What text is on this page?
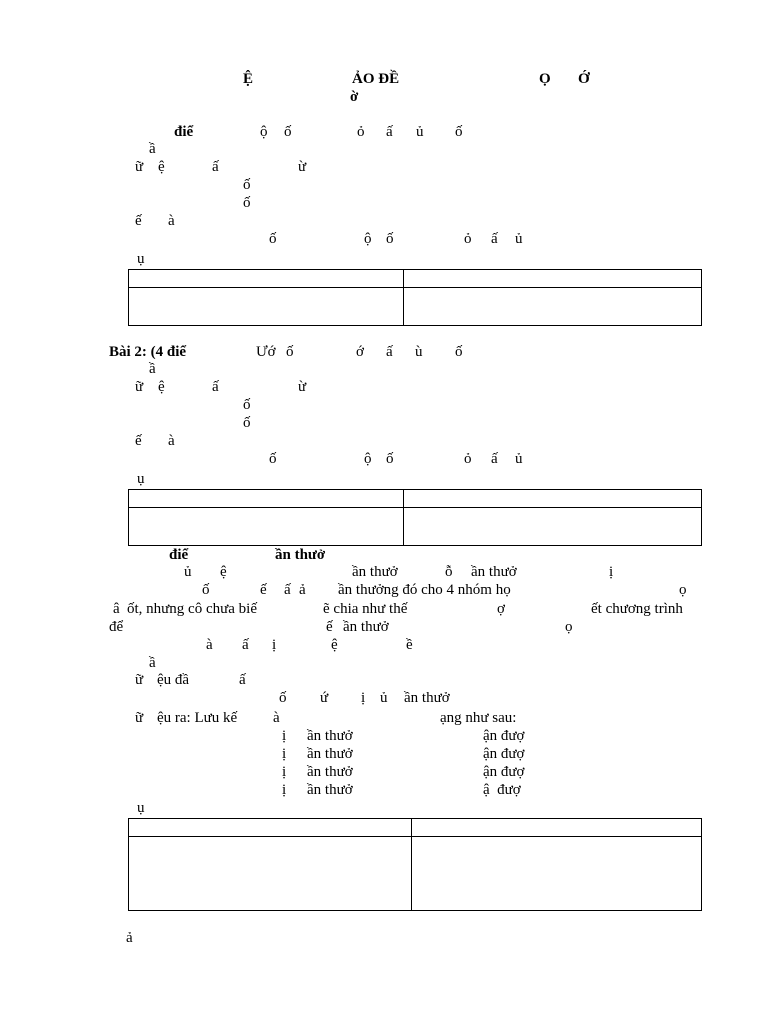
Ệ	ẢO ĐỀ	Ọ Ớ
ờ
điể	ộ ố	ỏ ấ ủ ố
ầ
ữ ệ	ấ	ừ
ố
ố
ế à
ố	ộ ố	ỏ ấ ủ
ụ

Bài 2: (4 điể	Ướ ố	ớ ấ ù ố
ầ
ữ ệ	ấ	ừ
ố
ố
ế à
ố	ộ ố	ỏ ấ ủ
ụ

điể	ần thưở
ủ ệ	ần thưở	ỗ ần thưở	ị
ố	ế ấ ả ần thưởng đó cho 4 nhóm họ	ọ
â ốt, nhưng cô chưa biế	ẽ chia như thế	ợ	ết chương trình
để	ế ần thưở	ọ
à ấ ị	ệ	ề
ầ
ữ ệu đầ	ấ
ố ứ ị ủ ần thưở
ữ ệu ra: Lưu kế à	ạng như sau:
ị ần thưở	ận đượ
ị ần thưở	ận đượ
ị ần thưở	ận đượ
ị ần thưở	ậ  đượ
ụ

ả
